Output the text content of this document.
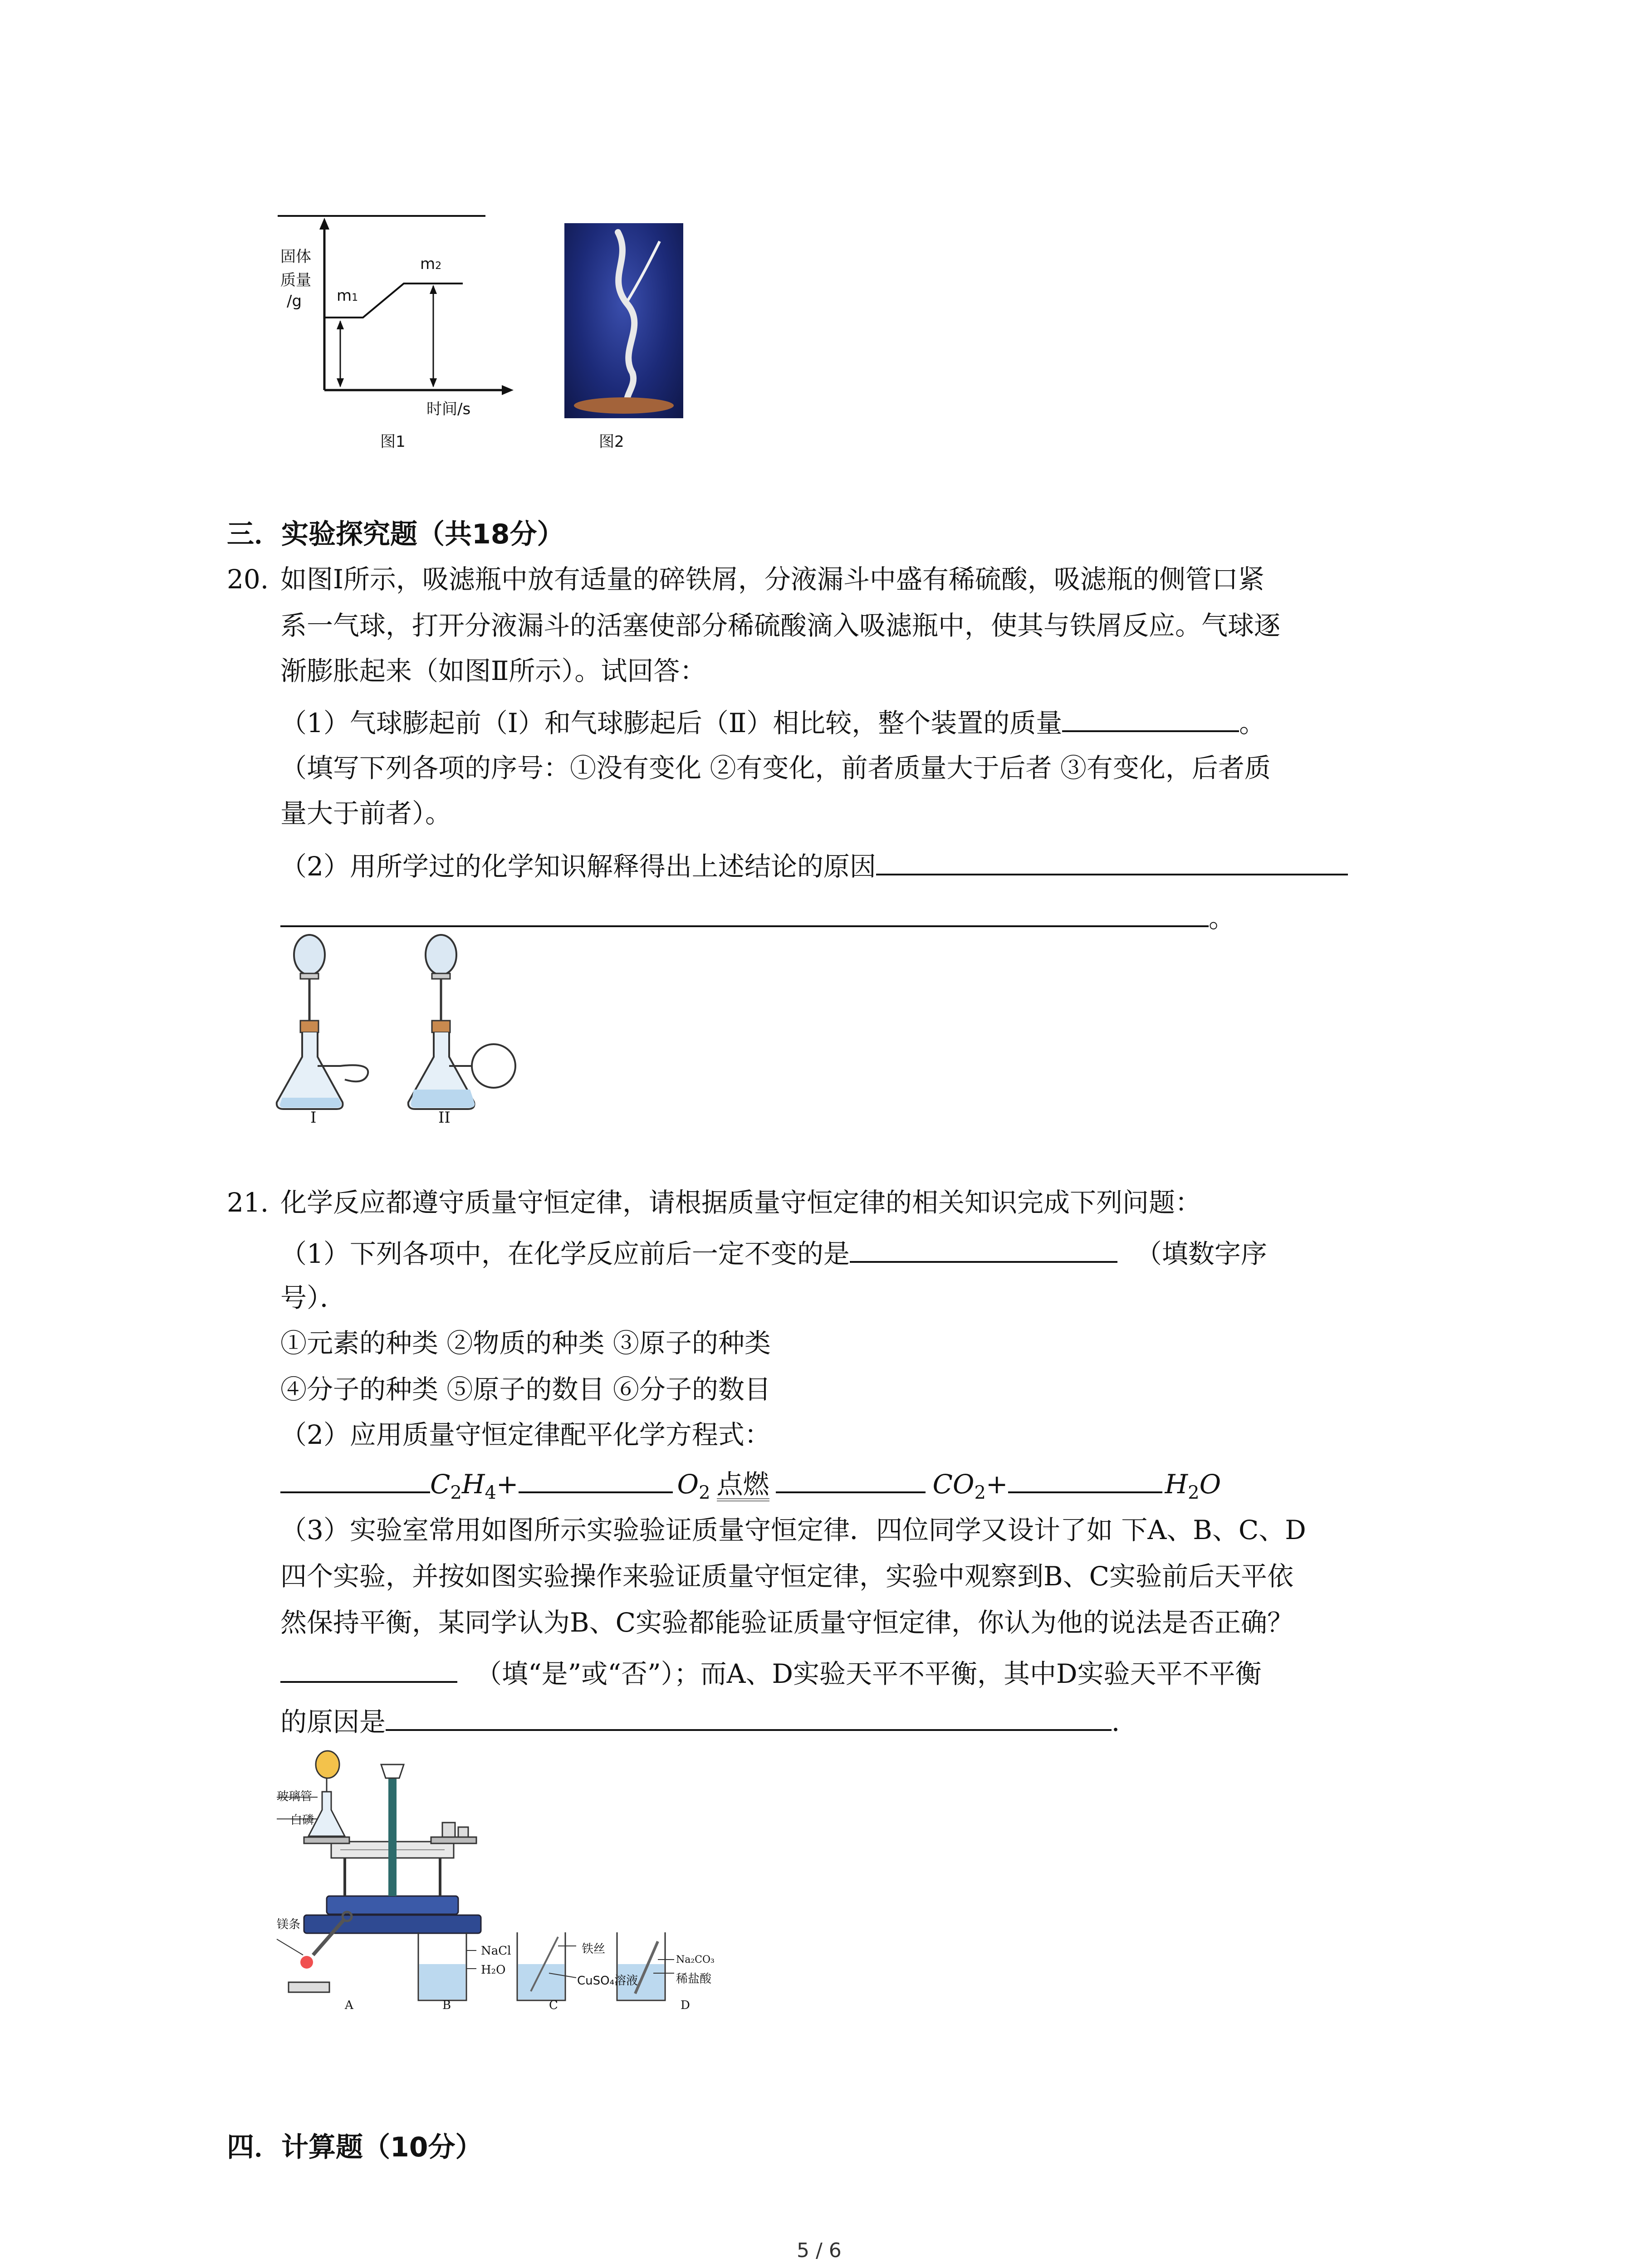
固体
质量
/g m1
m2
时间/s
图1	图2
三．实验探究题（共18分）
20. 如图Ⅰ所示，吸滤瓶中放有适量的碎铁屑，分液漏斗中盛有稀硫酸，吸滤瓶的侧管口紧
系一气球，打开分液漏斗的活塞使部分稀硫酸滴入吸滤瓶中，使其与铁屑反应。气球逐
渐膨胀起来（如图Ⅱ所示）。试回答：
（1）气球膨起前（Ⅰ）和气球膨起后（Ⅱ）相比较，整个装置的质量	。
（填写下列各项的序号：①没有变化 ②有变化，前者质量大于后者 ③有变化，后者质
量大于前者）。
（2）用所学过的化学知识解释得出上述结论的原因
。
I	II
21. 化学反应都遵守质量守恒定律，请根据质量守恒定律的相关知识完成下列问题：
（1）下列各项中，在化学反应前后一定不变的是	（填数字序
号）．
①元素的种类 ②物质的种类 ③原子的种类
④分子的种类 ⑤原子的数目 ⑥分子的数目
（2）应用质量守恒定律配平化学方程式：
$C_2H_4+$	$O_2$ 点燃	$CO_2+$	$H_2O$
（3）实验室常用如图所示实验验证质量守恒定律．四位同学又设计了如 下A、B、C、D
四个实验，并按如图实验操作来验证质量守恒定律，实验中观察到B、C实验前后天平依
然保持平衡，某同学认为B、C实验都能验证质量守恒定律，你认为他的说法是否正确？
（填“是”或“否”）；而A、D实验天平不平衡，其中D实验天平不平衡
的原因是	．
玻璃管
白磷
镁条
NaCl
H₂O
铁丝
CuSO₄溶液
Na₂CO₃
稀盐酸
A	B	C	D
四．计算题（10分）
5 / 6
